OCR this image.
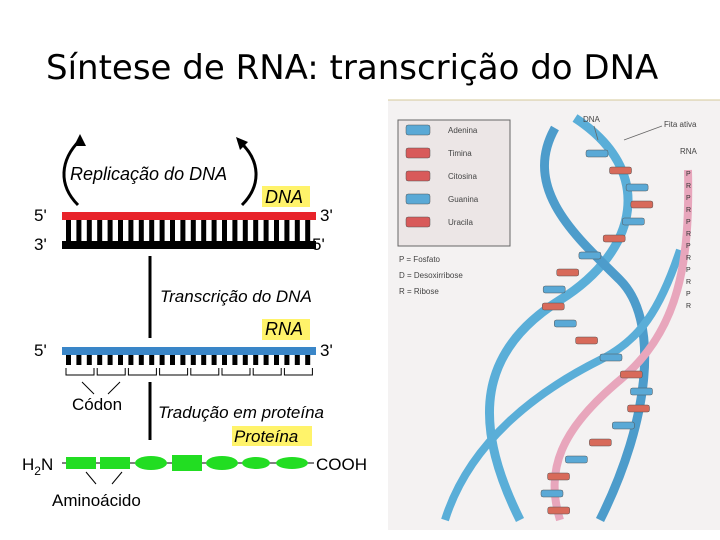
Síntese de RNA: transcrição do DNA
Replicação do DNA
DNA
5'	3'
3'	5'
Transcrição do DNA
RNA
5'	3'
Códon Tradução em proteína
Proteína
$H_2N$	COOH
Aminoácido
Adenina
Timina
Citosina
Guanina
Uracila
P = Fosfato
D = Desoxirribose
R = Ribose
DNA
Fita ativa
RNA
P
R
P
R
P
R
P
R
P
R
P
R
